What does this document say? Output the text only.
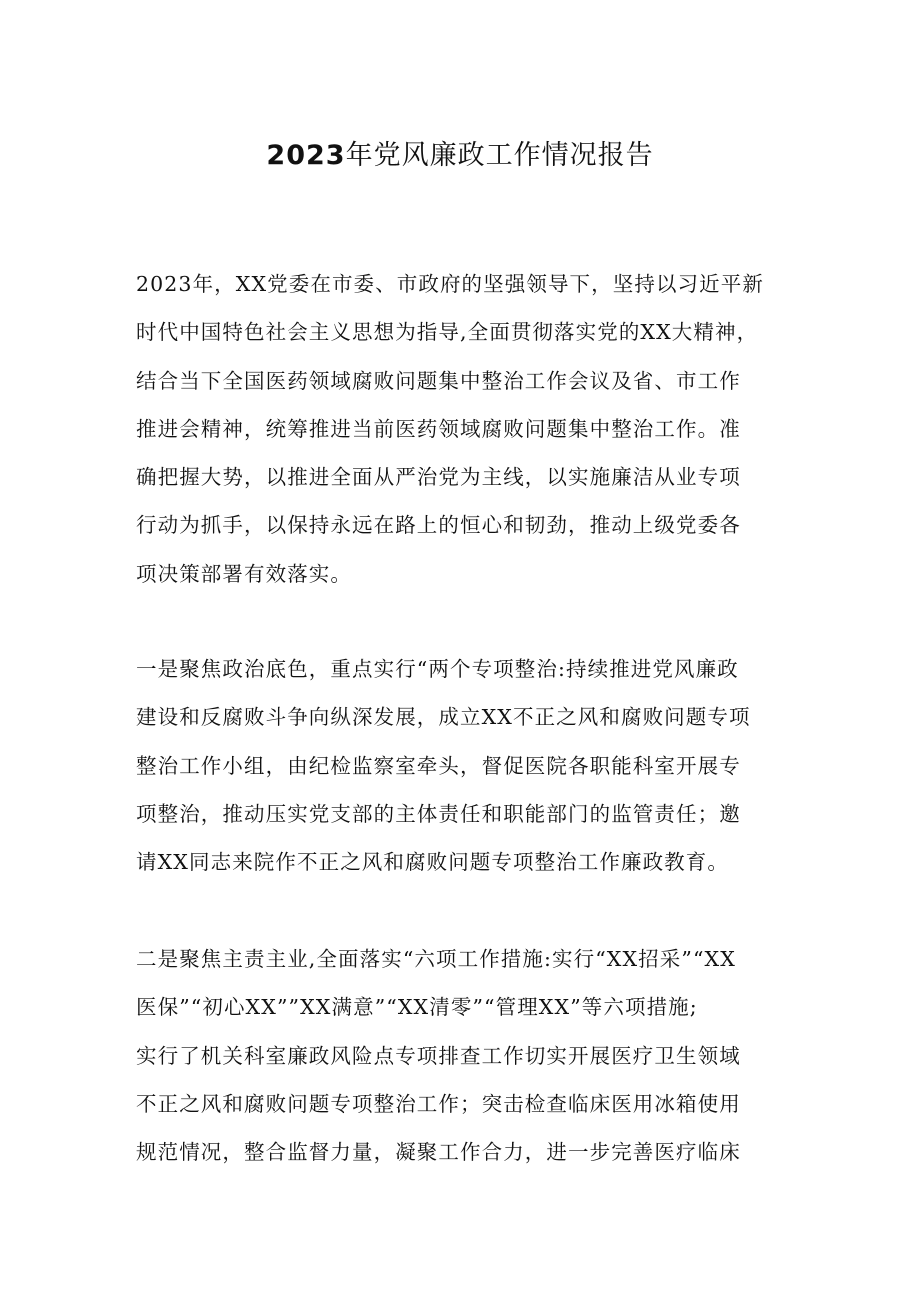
2023年党风廉政工作情况报告

2023年，XX党委在市委、市政府的坚强领导下，坚持以习近平新
时代中国特色社会主义思想为指导,全面贯彻落实党的XX大精神，
结合当下全国医药领域腐败问题集中整治工作会议及省、市工作
推进会精神，统筹推进当前医药领域腐败问题集中整治工作。准
确把握大势，以推进全面从严治党为主线，以实施廉洁从业专项
行动为抓手，以保持永远在路上的恒心和韧劲，推动上级党委各
项决策部署有效落实。

一是聚焦政治底色，重点实行“两个专项整治:持续推进党风廉政
建设和反腐败斗争向纵深发展，成立XX不正之风和腐败问题专项
整治工作小组，由纪检监察室牵头，督促医院各职能科室开展专
项整治，推动压实党支部的主体责任和职能部门的监管责任；邀
请XX同志来院作不正之风和腐败问题专项整治工作廉政教育。

二是聚焦主责主业,全面落实“六项工作措施:实行“XX招采”“XX
医保”“初心XX””XX满意”“XX清零”“管理XX”等六项措施;
实行了机关科室廉政风险点专项排查工作切实开展医疗卫生领域
不正之风和腐败问题专项整治工作；突击检查临床医用冰箱使用
规范情况，整合监督力量，凝聚工作合力，进一步完善医疗临床
